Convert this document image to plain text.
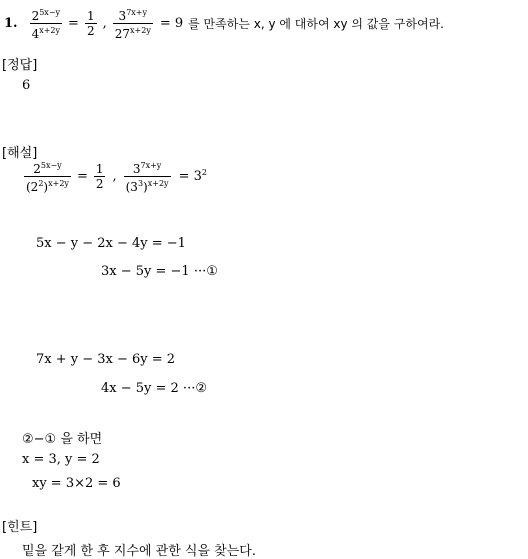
1. $\frac{2^{5x-y}}{4^{x+2y}} = \frac{1}{2}$ , $\frac{3^{7x+y}}{27^{x+2y}} = 9$ 를 만족하는 x, y 에 대하여 xy 의 값을 구하여라.
[정답]
6
[해설]
$\frac{2^{5x-y}}{(2^2)^{x+2y}} = \frac{1}{2}$ , $\frac{3^{7x+y}}{(3^3)^{x+2y}} = 3^2$
5x − y − 2x − 4y = −1
3x − 5y = −1 ···①
7x + y − 3x − 6y = 2
4x − 5y = 2 ···②
②−① 을 하면
x = 3, y = 2
xy = 3×2 = 6
[힌트]
밑을 같게 한 후 지수에 관한 식을 찾는다.
